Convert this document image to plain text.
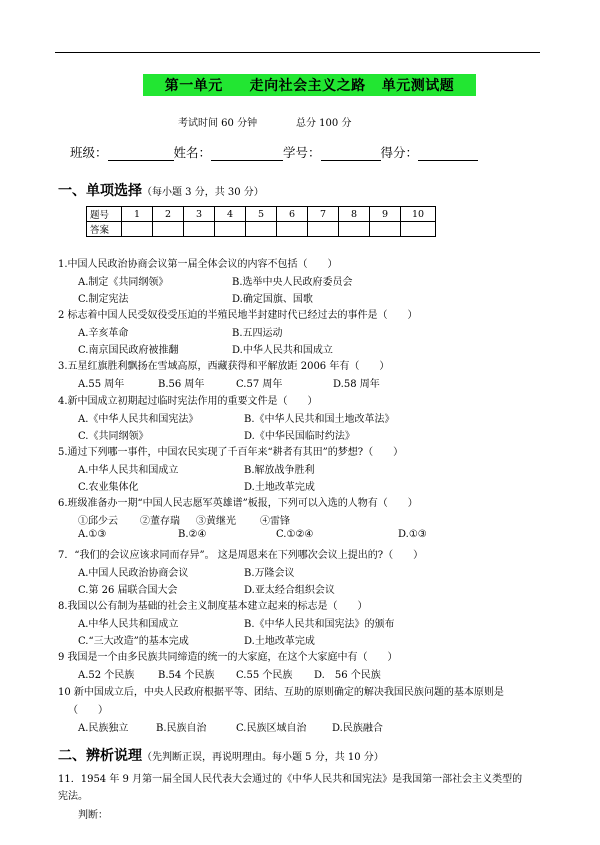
第一单元
走向社会主义之路
单元测试题
考试时间 60 分钟	总分 100 分
班级：	姓名：	学号：	得分：
一、单项选择（每小题 3 分，共 30 分）
题号	1	2	3	4	5	6	7	8	9	10
答案										
1.中国人民政治协商会议第一届全体会议的内容不包括（　　）
A.制定《共同纲领》	B.选举中央人民政府委员会
C.制定宪法	D.确定国旗、国歌
2 标志着中国人民受奴役受压迫的半殖民地半封建时代已经过去的事件是（　　）
A.辛亥革命	B.五四运动
C.南京国民政府被推翻	D.中华人民共和国成立
3.五星红旗胜利飘扬在雪域高原，西藏获得和平解放距 2006 年有（　　）
A.55 周年	B.56 周年	C.57 周年	D.58 周年
4.新中国成立初期起过临时宪法作用的重要文件是（　　）
A.《中华人民共和国宪法》	B.《中华人民共和国土地改革法》
C.《共同纲领》	D.《中华民国临时约法》
5.通过下列哪一事件，中国农民实现了千百年来“耕者有其田”的梦想?（　　）
A.中华人民共和国成立	B.解放战争胜利
C.农业集体化	D.土地改革完成
6.班级准备办一期“中国人民志愿军英雄谱”板报，下列可以入选的人物有（　　）
①邱少云 ②董存瑞 ③黄继光 ④雷锋
A.①③	B.②④	C.①②④	D.①③
7．“我们的会议应该求同而存异”。 这是周恩来在下列哪次会议上提出的?（　　）
A.中国人民政治协商会议	B.万隆会议
C.第 26 届联合国大会	D.亚太经合组织会议
8.我国以公有制为基础的社会主义制度基本建立起来的标志是（　　）
A.中华人民共和国成立	B.《中华人民共和国宪法》的颁布
C.“三大改造”的基本完成	D.土地改革完成
9 我国是一个由多民族共同缔造的统一的大家庭，在这个大家庭中有（　　）
A.52 个民族 B.54 个民族 C.55 个民族 D.　56 个民族
10 新中国成立后，中央人民政府根据平等、团结、互助的原则确定的解决我国民族问题的基本原则是
（　　）
A.民族独立	B.民族自治	C.民族区域自治	D.民族融合
二、辨析说理（先判断正误，再说明理由。每小题 5 分，共 10 分）
11．1954 年 9 月第一届全国人民代表大会通过的《中华人民共和国宪法》是我国第一部社会主义类型的
宪法。
判断：
